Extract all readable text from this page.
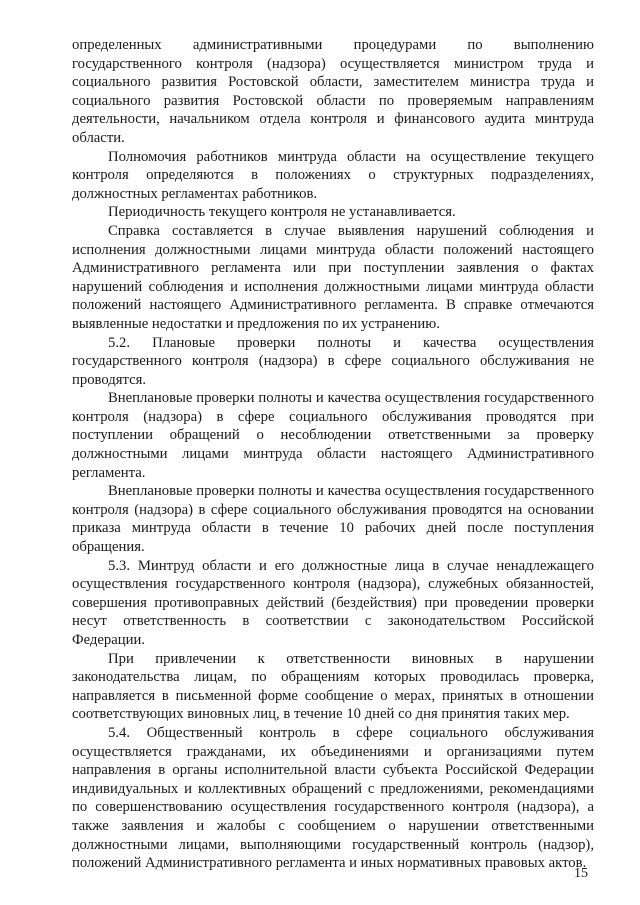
определенных административными процедурами по выполнению государственного контроля (надзора) осуществляется министром труда и социального развития Ростовской области, заместителем министра труда и социального развития Ростовской области по проверяемым направлениям деятельности, начальником отдела контроля и финансового аудита минтруда области.

Полномочия работников минтруда области на осуществление текущего контроля определяются в положениях о структурных подразделениях, должностных регламентах работников.

Периодичность текущего контроля не устанавливается.

Справка составляется в случае выявления нарушений соблюдения и исполнения должностными лицами минтруда области положений настоящего Административного регламента или при поступлении заявления о фактах нарушений соблюдения и исполнения должностными лицами минтруда области положений настоящего Административного регламента. В справке отмечаются выявленные недостатки и предложения по их устранению.

5.2. Плановые проверки полноты и качества осуществления государственного контроля (надзора) в сфере социального обслуживания не проводятся.

Внеплановые проверки полноты и качества осуществления государственного контроля (надзора) в сфере социального обслуживания проводятся при поступлении обращений о несоблюдении ответственными за проверку должностными лицами минтруда области настоящего Административного регламента.

Внеплановые проверки полноты и качества осуществления государственного контроля (надзора) в сфере социального обслуживания проводятся на основании приказа минтруда области в течение 10 рабочих дней после поступления обращения.

5.3. Минтруд области и его должностные лица в случае ненадлежащего осуществления государственного контроля (надзора), служебных обязанностей, совершения противоправных действий (бездействия) при проведении проверки несут ответственность в соответствии с законодательством Российской Федерации.

При привлечении к ответственности виновных в нарушении законодательства лицам, по обращениям которых проводилась проверка, направляется в письменной форме сообщение о мерах, принятых в отношении соответствующих виновных лиц, в течение 10 дней со дня принятия таких мер.

5.4. Общественный контроль в сфере социального обслуживания осуществляется гражданами, их объединениями и организациями путем направления в органы исполнительной власти субъекта Российской Федерации индивидуальных и коллективных обращений с предложениями, рекомендациями по совершенствованию осуществления государственного контроля (надзора), а также заявления и жалобы с сообщением о нарушении ответственными должностными лицами, выполняющими государственный контроль (надзор), положений Административного регламента и иных нормативных правовых актов.

15
